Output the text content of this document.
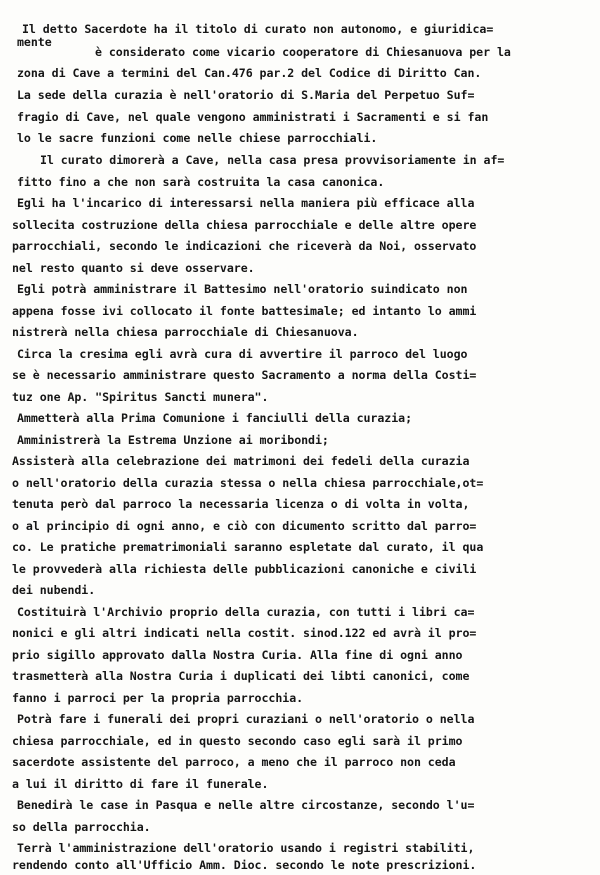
Il detto Sacerdote ha il titolo di curato non autonomo, e giuridica=
mente
è considerato come vicario cooperatore di Chiesanuova per la
zona di Cave a termini del Can.476 par.2 del Codice di Diritto Can.
La sede della curazia è nell'oratorio di S.Maria del Perpetuo Suf=
fragio di Cave, nel quale vengono amministrati i Sacramenti e si fan
lo le sacre funzioni come nelle chiese parrocchiali.
Il curato dimorerà a Cave, nella casa presa provvisoriamente in af=
fitto fino a che non sarà costruita la casa canonica.
Egli ha l'incarico di interessarsi nella maniera più efficace alla
sollecita costruzione della chiesa parrocchiale e delle altre opere
parrocchiali, secondo le indicazioni che riceverà da Noi, osservato
nel resto quanto si deve osservare.
Egli potrà amministrare il Battesimo nell'oratorio suindicato non
appena fosse ivi collocato il fonte battesimale; ed intanto lo ammi
nistrerà nella chiesa parrocchiale di Chiesanuova.
Circa la cresima egli avrà cura di avvertire il parroco del luogo
se è necessario amministrare questo Sacramento a norma della Costi=
tuz one Ap. "Spiritus Sancti munera".
Ammetterà alla Prima Comunione i fanciulli della curazia;
Amministrerà la Estrema Unzione ai moribondi;
Assisterà alla celebrazione dei matrimoni dei fedeli della curazia
o nell'oratorio della curazia stessa o nella chiesa parrocchiale,ot=
tenuta però dal parroco la necessaria licenza o di volta in volta,
o al principio di ogni anno, e ciò con dicumento scritto dal parro=
co. Le pratiche prematrimoniali saranno espletate dal curato, il qua
le provvederà alla richiesta delle pubblicazioni canoniche e civili
dei nubendi.
Costituirà l'Archivio proprio della curazia, con tutti i libri ca=
nonici e gli altri indicati nella costit. sinod.122 ed avrà il pro=
prio sigillo approvato dalla Nostra Curia. Alla fine di ogni anno
trasmetterà alla Nostra Curia i duplicati dei libti canonici, come
fanno i parroci per la propria parrocchia.
Potrà fare i funerali dei propri curaziani o nell'oratorio o nella
chiesa parrocchiale, ed in questo secondo caso egli sarà il primo
sacerdote assistente del parroco, a meno che il parroco non ceda
a lui il diritto di fare il funerale.
Benedirà le case in Pasqua e nelle altre circostanze, secondo l'u=
so della parrocchia.
Terrà l'amministrazione dell'oratorio usando i registri stabiliti,
rendendo conto all'Ufficio Amm. Dioc. secondo le note prescrizioni.
